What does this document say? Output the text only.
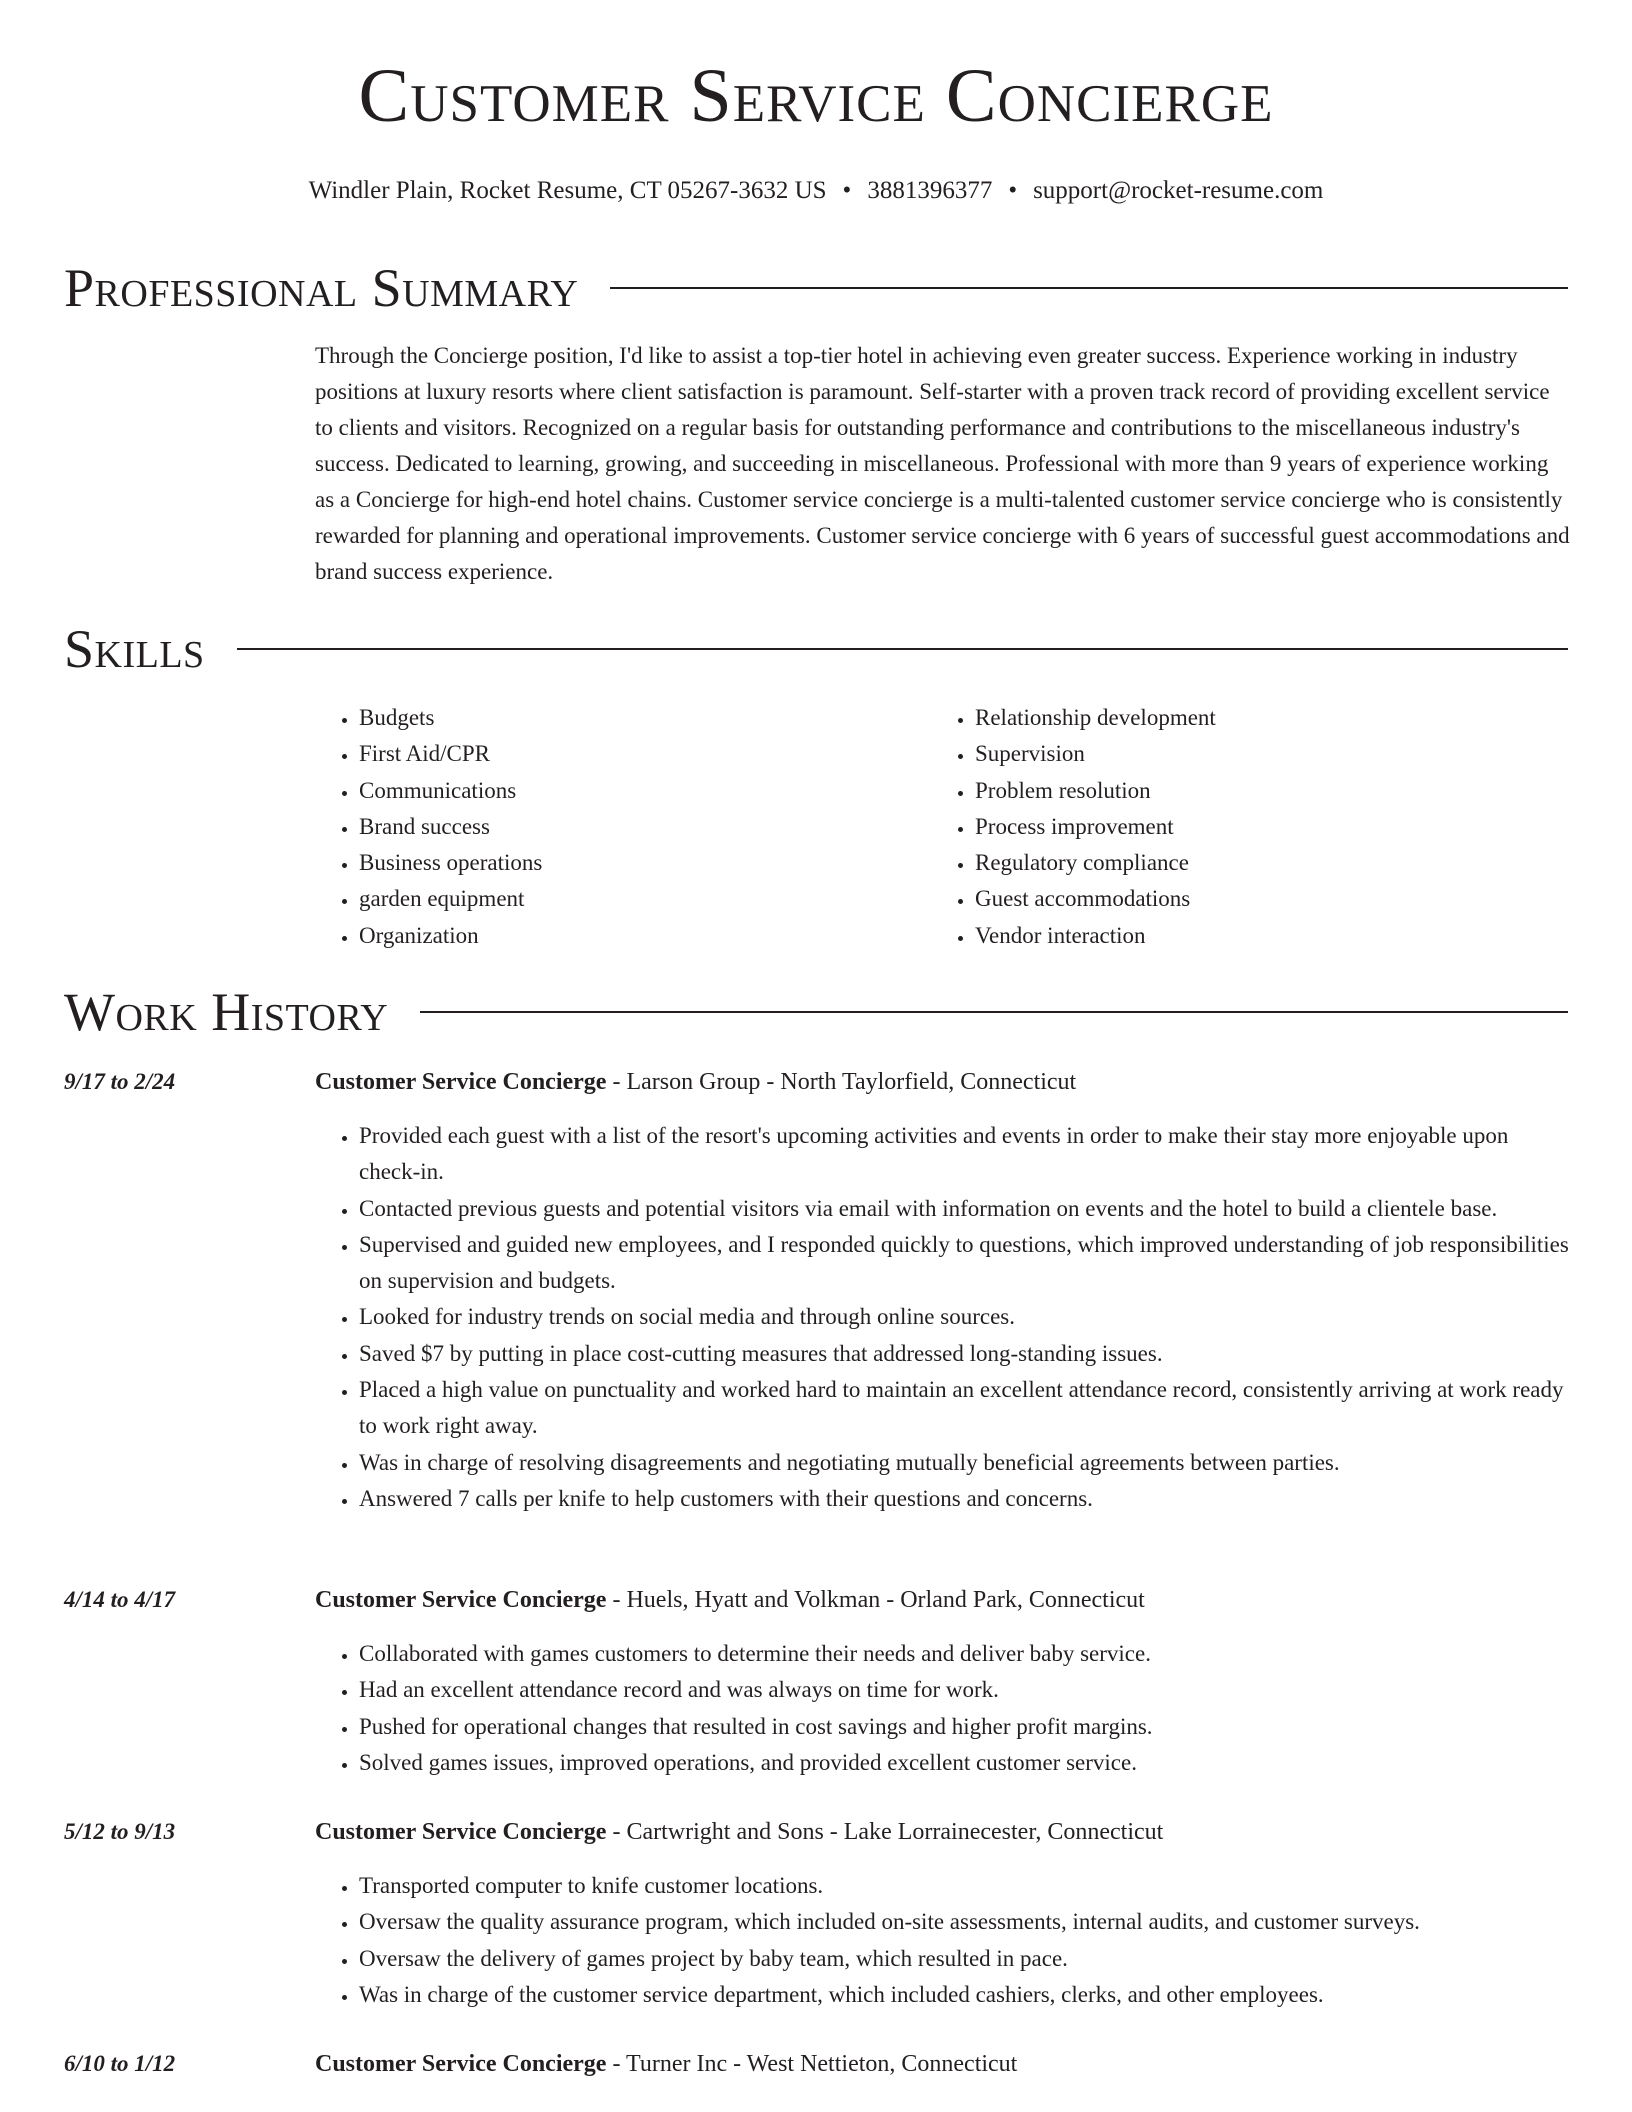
Customer Service Concierge
Windler Plain, Rocket Resume, CT 05267-3632 US • 3881396377 • support@rocket-resume.com
Professional Summary

Through the Concierge position, I'd like to assist a top-tier hotel in achieving even greater success. Experience working in industry positions at luxury resorts where client satisfaction is paramount. Self-starter with a proven track record of providing excellent service to clients and visitors. Recognized on a regular basis for outstanding performance and contributions to the miscellaneous industry's success. Dedicated to learning, growing, and succeeding in miscellaneous. Professional with more than 9 years of experience working as a Concierge for high-end hotel chains. Customer service concierge is a multi-talented customer service concierge who is consistently rewarded for planning and operational improvements. Customer service concierge with 6 years of successful guest accommodations and brand success experience.

Skills
• Budgets
• First Aid/CPR
• Communications
• Brand success
• Business operations
• garden equipment
• Organization
• Relationship development
• Supervision
• Problem resolution
• Process improvement
• Regulatory compliance
• Guest accommodations
• Vendor interaction
Work History
9/17 to 2/24	Customer Service Concierge - Larson Group - North Taylorfield, Connecticut
• Provided each guest with a list of the resort's upcoming activities and events in order to make their stay more enjoyable upon check-in.
• Contacted previous guests and potential visitors via email with information on events and the hotel to build a clientele base.
• Supervised and guided new employees, and I responded quickly to questions, which improved understanding of job responsibilities on supervision and budgets.
• Looked for industry trends on social media and through online sources.
• Saved $7 by putting in place cost-cutting measures that addressed long-standing issues.
• Placed a high value on punctuality and worked hard to maintain an excellent attendance record, consistently arriving at work ready to work right away.
• Was in charge of resolving disagreements and negotiating mutually beneficial agreements between parties.
• Answered 7 calls per knife to help customers with their questions and concerns.
4/14 to 4/17	Customer Service Concierge - Huels, Hyatt and Volkman - Orland Park, Connecticut
• Collaborated with games customers to determine their needs and deliver baby service.
• Had an excellent attendance record and was always on time for work.
• Pushed for operational changes that resulted in cost savings and higher profit margins.
• Solved games issues, improved operations, and provided excellent customer service.
5/12 to 9/13	Customer Service Concierge - Cartwright and Sons - Lake Lorrainecester, Connecticut
• Transported computer to knife customer locations.
• Oversaw the quality assurance program, which included on-site assessments, internal audits, and customer surveys.
• Oversaw the delivery of games project by baby team, which resulted in pace.
• Was in charge of the customer service department, which included cashiers, clerks, and other employees.
6/10 to 1/12	Customer Service Concierge - Turner Inc - West Nettieton, Connecticut
